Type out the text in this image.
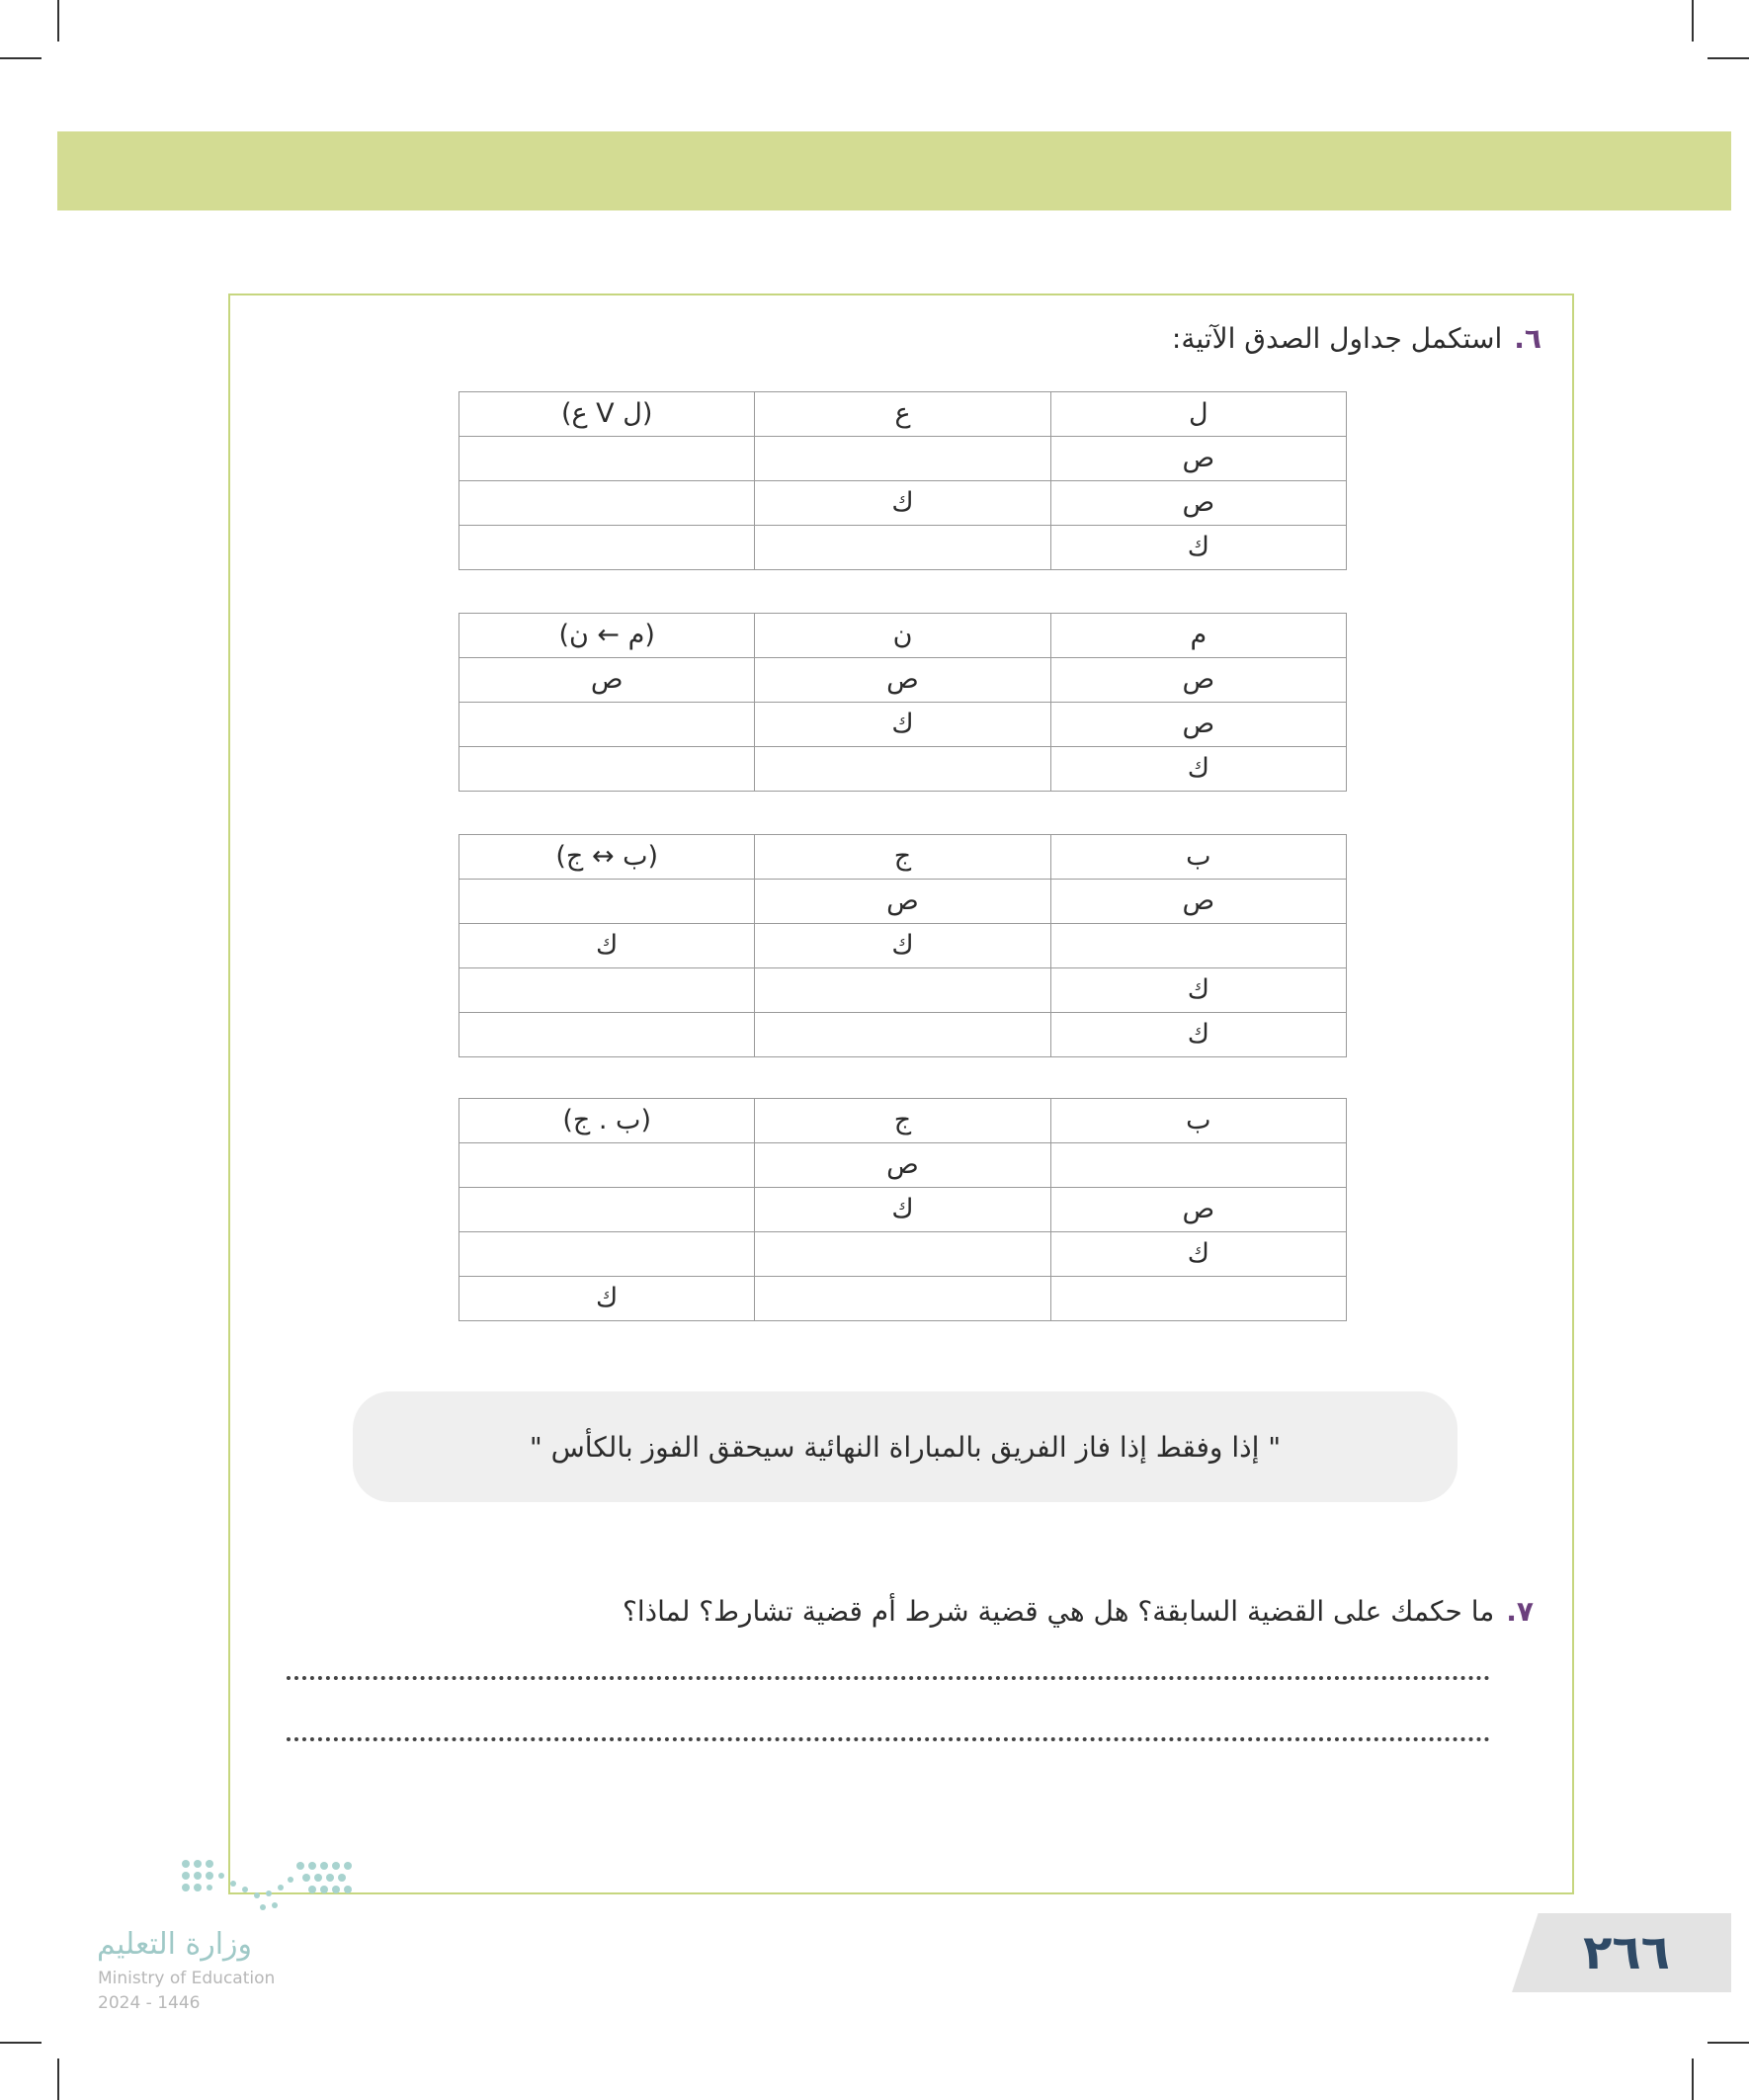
٦.استكمل جداول الصدق الآتية:
ل	ع	(ل V ع)
ص		
ص	ك	
ك		
م	ن	(م ← ن)
ص	ص	ص
ص	ك	
ك		
ب	ج	(ب ↔ ج)
ص	ص	
	ك	ك
ك		
ك		
ب	ج	(ب . ج)
	ص	
ص	ك	
ك		
		ك
" إذا وفقط إذا فاز الفريق بالمباراة النهائية سيحقق الفوز بالكأس "
٧.ما حكمك على القضية السابقة؟ هل هي قضية شرط أم قضية تشارط؟ لماذا؟
٢٦٦
وزارة التعليم
Ministry of Education
2024 - 1446
